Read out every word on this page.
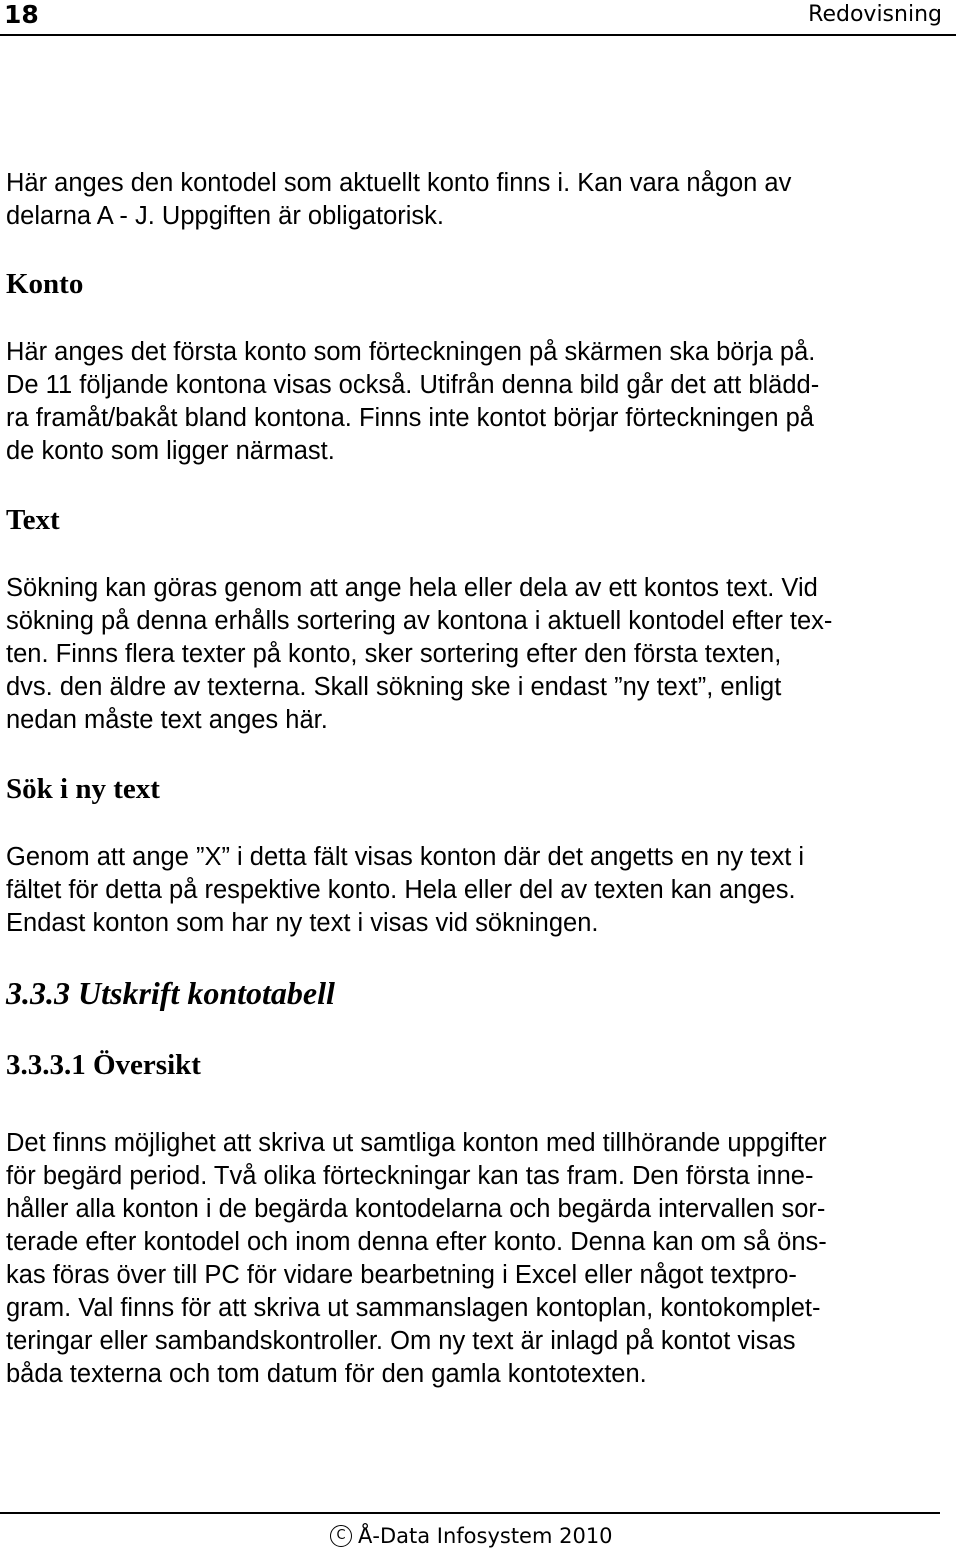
18	Redovisning
Här anges den kontodel som aktuellt konto finns i. Kan vara någon av
delarna A - J. Uppgiften är obligatorisk.
Konto
Här anges det första konto som förteckningen på skärmen ska börja på.
De 11 följande kontona visas också. Utifrån denna bild går det att blädd-
ra framåt/bakåt bland kontona. Finns inte kontot börjar förteckningen på
de konto som ligger närmast.
Text
Sökning kan göras genom att ange hela eller dela av ett kontos text. Vid
sökning på denna erhålls sortering av kontona i aktuell kontodel efter tex-
ten. Finns flera texter på konto, sker sortering efter den första texten,
dvs. den äldre av texterna. Skall sökning ske i endast ”ny text”, enligt
nedan måste text anges här.
Sök i ny text
Genom att ange ”X” i detta fält visas konton där det angetts en ny text i
fältet för detta på respektive konto. Hela eller del av texten kan anges.
Endast konton som har ny text i visas vid sökningen.
3.3.3 Utskrift kontotabell
3.3.3.1 Översikt
Det finns möjlighet att skriva ut samtliga konton med tillhörande uppgifter
för begärd period. Två olika förteckningar kan tas fram. Den första inne-
håller alla konton i de begärda kontodelarna och begärda intervallen sor-
terade efter kontodel och inom denna efter konto. Denna kan om så öns-
kas föras över till PC för vidare bearbetning i Excel eller något textpro-
gram. Val finns för att skriva ut sammanslagen kontoplan, kontokomplet-
teringar eller sambandskontroller. Om ny text är inlagd på kontot visas
båda texterna och tom datum för den gamla kontotexten.
C Å-Data Infosystem 2010
